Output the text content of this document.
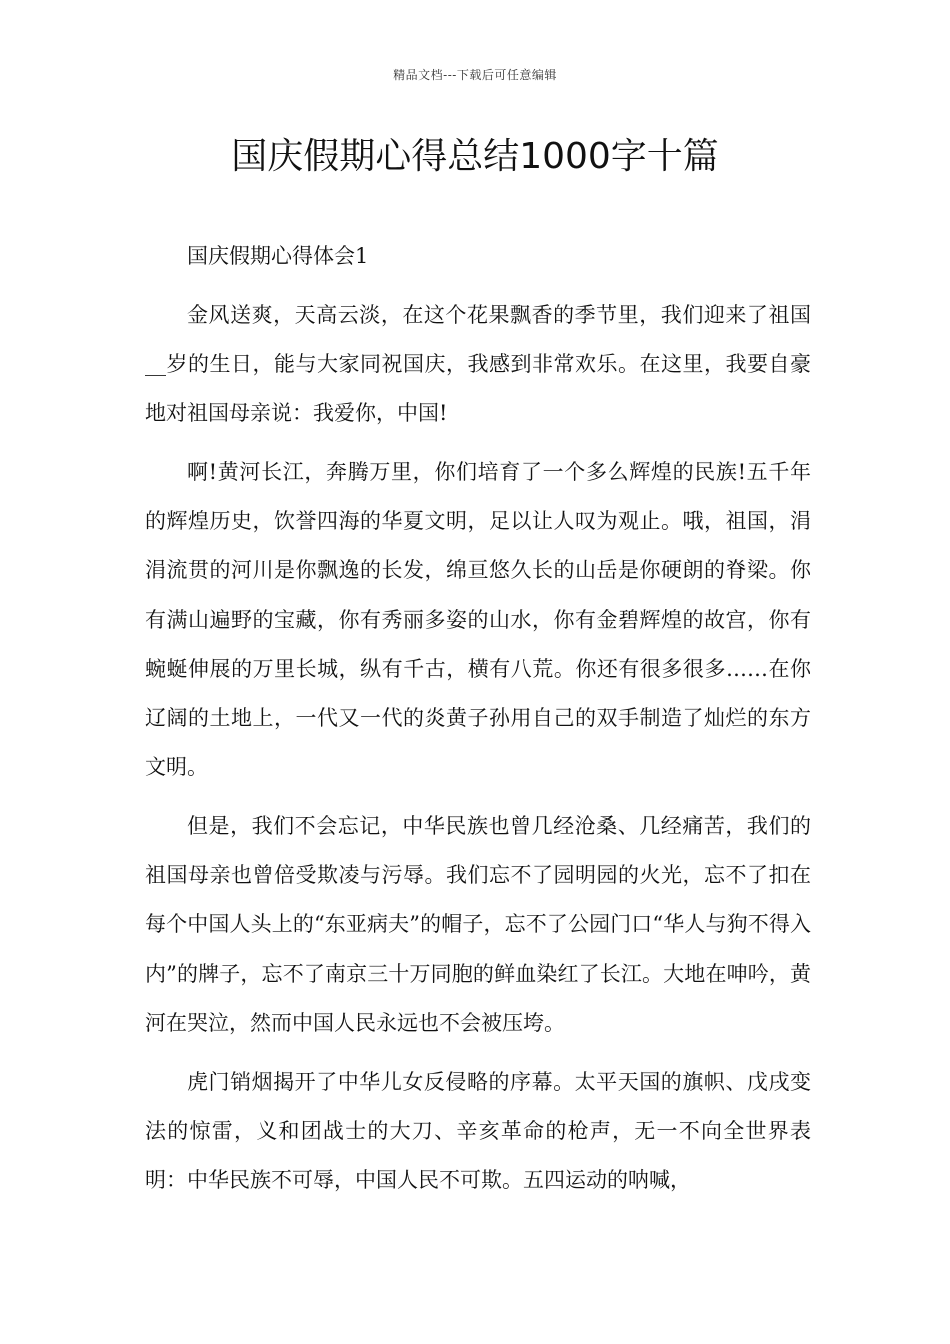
精品文档---下载后可任意编辑
国庆假期心得总结1000字十篇

国庆假期心得体会1

金风送爽，天高云淡，在这个花果飘香的季节里，我们迎来了祖国__岁的生日，能与大家同祝国庆，我感到非常欢乐。在这里，我要自豪地对祖国母亲说：我爱你，中国!

啊!黄河长江，奔腾万里，你们培育了一个多么辉煌的民族!五千年的辉煌历史，饮誉四海的华夏文明，足以让人叹为观止。哦，祖国，涓涓流贯的河川是你飘逸的长发，绵亘悠久长的山岳是你硬朗的脊梁。你有满山遍野的宝藏，你有秀丽多姿的山水，你有金碧辉煌的故宫，你有蜿蜒伸展的万里长城，纵有千古，横有八荒。你还有很多很多……在你辽阔的土地上，一代又一代的炎黄子孙用自己的双手制造了灿烂的东方文明。

但是，我们不会忘记，中华民族也曾几经沧桑、几经痛苦，我们的祖国母亲也曾倍受欺凌与污辱。我们忘不了园明园的火光，忘不了扣在每个中国人头上的“东亚病夫”的帽子，忘不了公园门口“华人与狗不得入内”的牌子，忘不了南京三十万同胞的鲜血染红了长江。大地在呻吟，黄河在哭泣，然而中国人民永远也不会被压垮。

虎门销烟揭开了中华儿女反侵略的序幕。太平天国的旗帜、戊戌变法的惊雷，义和团战士的大刀、辛亥革命的枪声，无一不向全世界表明：中华民族不可辱，中国人民不可欺。五四运动的呐喊，
